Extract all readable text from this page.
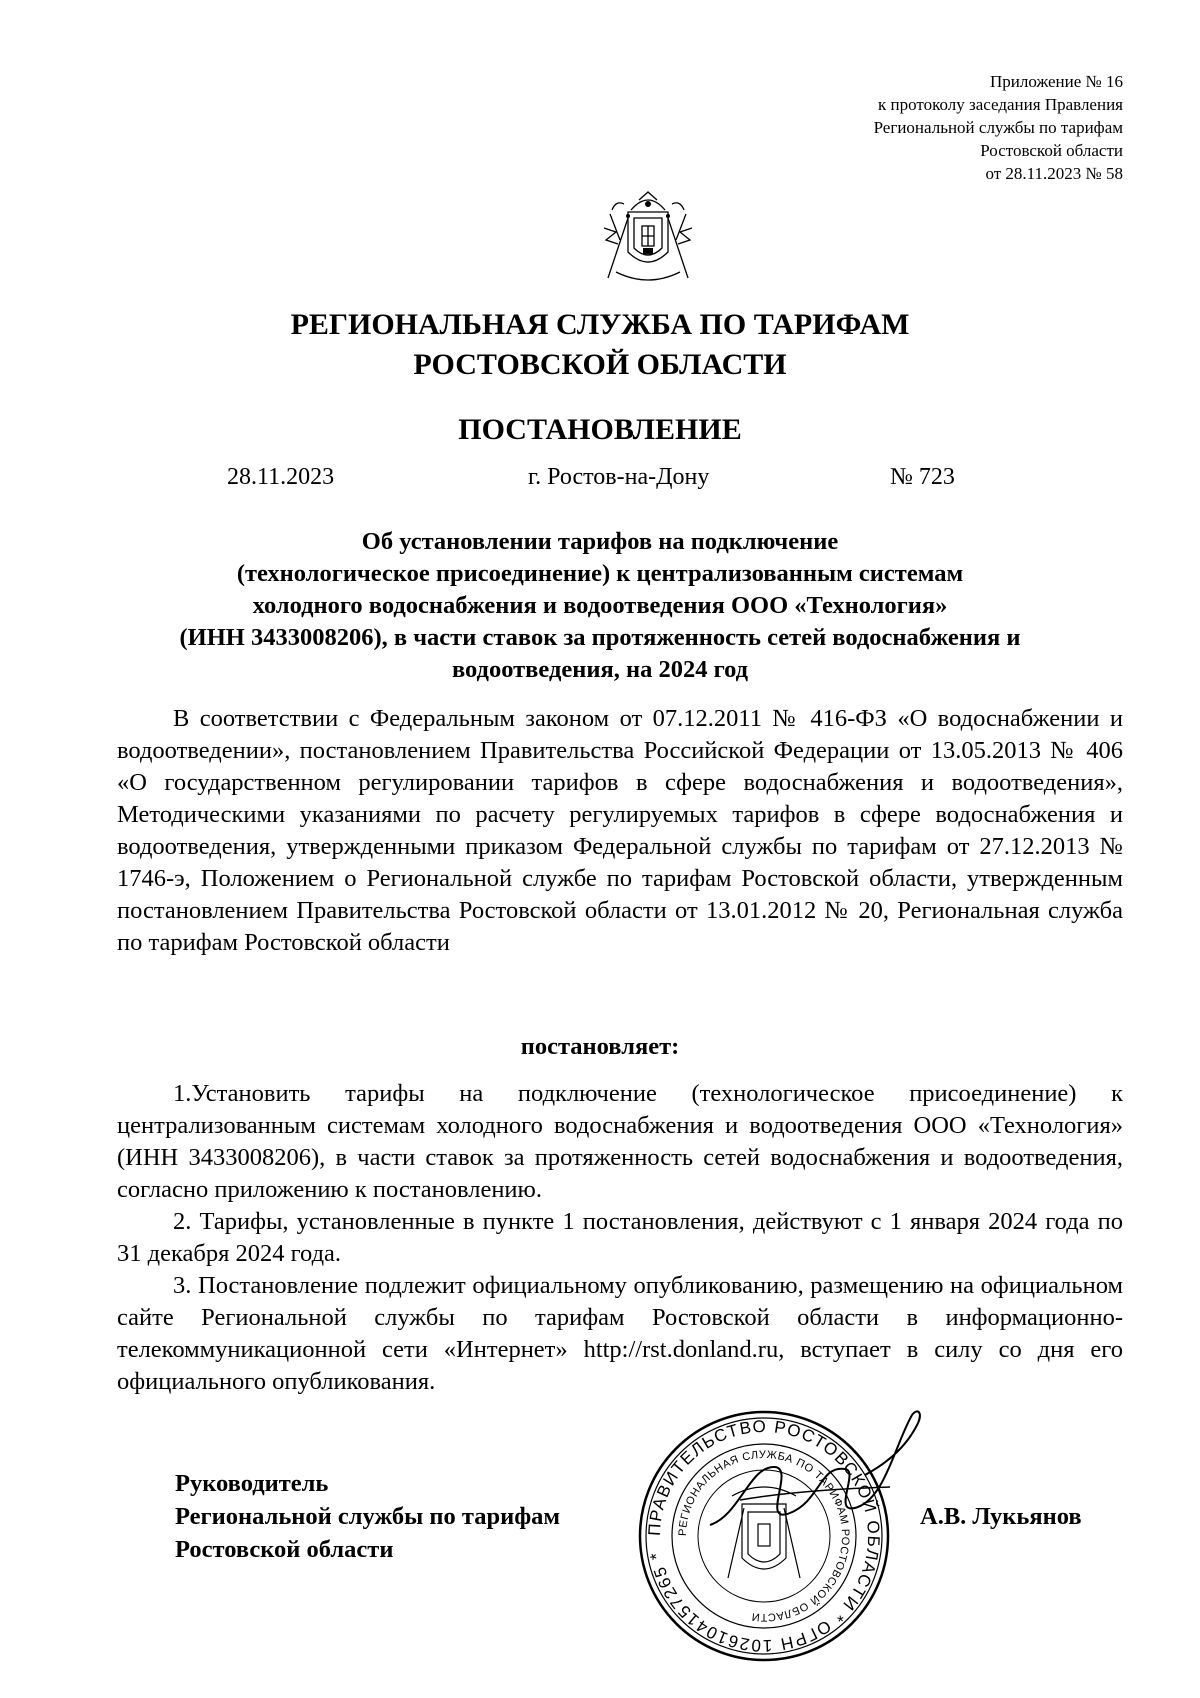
Приложение № 16
к протоколу заседания Правления
Региональной службы по тарифам
Ростовской области
от 28.11.2023 № 58
РЕГИОНАЛЬНАЯ СЛУЖБА ПО ТАРИФАМ
РОСТОВСКОЙ ОБЛАСТИ
ПОСТАНОВЛЕНИЕ
28.11.2023	г. Ростов-на-Дону	№ 723
Об установлении тарифов на подключение
(технологическое присоединение) к централизованным системам
холодного водоснабжения и водоотведения ООО «Технология»
(ИНН 3433008206), в части ставок за протяженность сетей водоснабжения и
водоотведения, на 2024 год

В соответствии с Федеральным законом от 07.12.2011 № 416-ФЗ «О водоснабжении и водоотведении», постановлением Правительства Российской Федерации от 13.05.2013 № 406 «О государственном регулировании тарифов в сфере водоснабжения и водоотведения», Методическими указаниями по расчету регулируемых тарифов в сфере водоснабжения и водоотведения, утвержденными приказом Федеральной службы по тарифам от 27.12.2013 № 1746-э, Положением о Региональной службе по тарифам Ростовской области, утвержденным постановлением Правительства Ростовской области от 13.01.2012 № 20, Региональная служба по тарифам Ростовской области

постановляет:

1.Установить тарифы на подключение (технологическое присоединение) к централизованным системам холодного водоснабжения и водоотведения ООО «Технология» (ИНН 3433008206), в части ставок за протяженность сетей водоснабжения и водоотведения, согласно приложению к постановлению.

2. Тарифы, установленные в пункте 1 постановления, действуют с 1 января 2024 года по 31 декабря 2024 года.

3. Постановление подлежит официальному опубликованию, размещению на официальном сайте Региональной службы по тарифам Ростовской области в информационно-телекоммуникационной сети «Интернет» http://rst.donland.ru, вступает в силу со дня его официального опубликования.

Руководитель
Региональной службы по тарифам
Ростовской области
ПРАВИТЕЛЬСТВО РОСТОВСКОЙ ОБЛАСТИ * ОГРН 1026104157265 *
РЕГИОНАЛЬНАЯ СЛУЖБА ПО ТАРИФАМ РОСТОВСКОЙ ОБЛАСТИ
А.В. Лукьянов
